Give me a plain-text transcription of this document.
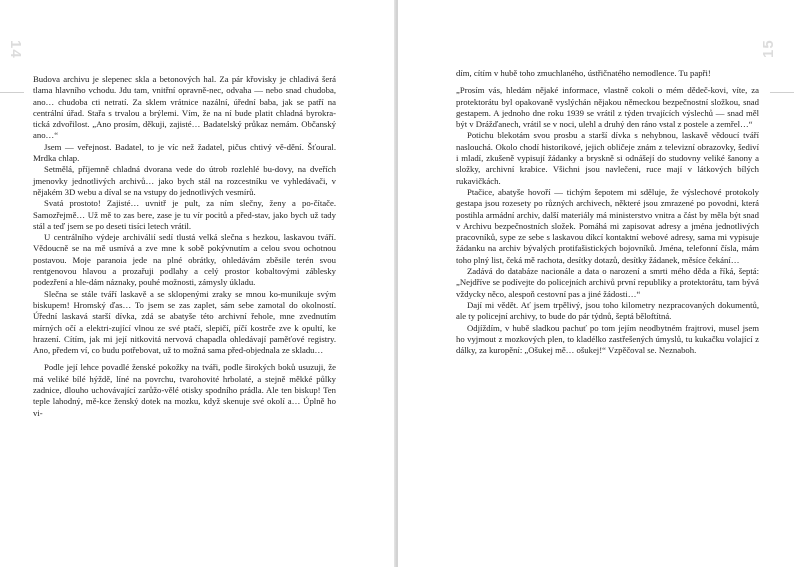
14

Budova archivu je slepenec skla a betonových hal. Za pár křovisky je chladivá šerá tlama hlavního vchodu. Jdu tam, vnitřní opravně-nec, odvaha — nebo snad chudoba, ano… chudoba cti netratí. Za sklem vrátnice nazální, úřední baba, jak se patří na centrální úřad. Stařa s trvalou a brýlemi. Vím, že na ní bude platit chladná byrokra-tická zdvořilost. „Ano prosím, děkuji, zajisté… Badatelský průkaz nemám. Občanský ano…“

Jsem — veřejnost. Badatel, to je víc než žadatel, pičus chtivý vě-dění. Šťoural. Mrdka chlap.

Setmělá, příjemně chladná dvorana vede do útrob rozlehlé bu-dovy, na dveřích jmenovky jednotlivých archivů… jako bych stál na rozcestníku ve vyhledávači, v nějakém 3D webu a díval se na vstupy do jednotlivých vesmírů.

Svatá prostoto! Zajisté… uvnitř je pult, za ním slečny, ženy a po-čítače. Samozřejmě… Už mě to zas bere, zase je tu vír pocitů a před-stav, jako bych už tady stál a teď jsem se po deseti tisíci letech vrátil.

U centrálního výdeje archiválií sedí tlustá velká slečna s hezkou, laskavou tváří. Vědoucně se na mě usmívá a zve mne k sobě pokývnutím a celou svou ochotnou postavou. Moje paranoia jede na plné obrátky, ohledávám zběsile terén svou rentgenovou hlavou a prozařuji podlahy a celý prostor kobaltovými záblesky podezření a hle-dám náznaky, pouhé možnosti, zámysly úkladu.

Slečna se stále tváří laskavě a se sklopenými zraky se mnou ko-munikuje svým biskupem! Hromský ďas… To jsem se zas zaplet, sám sebe zamotal do okolností. Úřední laskavá starší dívka, zdá se abatyše této archivní řehole, mne zvednutím mírných očí a elektri-zující vlnou ze své ptačí, slepičí, píčí kostrče zve k opultí, ke hrazení. Cítím, jak mi její nitkovitá nervová chapadla ohledávají paměťové registry. Ano, předem ví, co budu potřebovat, už to možná sama před-objednala ze skladu…

Podle její lehce povadlé ženské pokožky na tváři, podle širokých boků usuzuji, že má veliké bílé hýždě, líné na povrchu, tvarohovité hrbolaté, a stejně měkké půlky zadnice, dlouho uchovávající zarůžo-vělé otisky spodního prádla. Ale ten biskup! Ten teple lahodný, mě-kce ženský dotek na mozku, když skenuje své okolí a… Úplně ho vi-

15

dím, cítím v hubě toho zmuchlaného, ústřičnatého nemodlence. Tu papři!

„Prosím vás, hledám nějaké informace, vlastně cokoli o mém dědeč-kovi, víte, za protektorátu byl opakovaně vyslýchán nějakou německou bezpečnostní složkou, snad gestapem. A jednoho dne roku 1939 se vrátil z týden trvajících výslechů — snad měl být v Drážďanech, vrátil se v noci, ulehl a druhý den ráno vstal z postele a zemřel…“

Potichu blekotám svou prosbu a starší dívka s nehybnou, laskavě vědoucí tváří naslouchá. Okolo chodí historikové, jejich obličeje znám z televizní obrazovky, šediví i mladí, zkušeně vypisují žádanky a bryskně si odnášejí do studovny veliké šanony a složky, archivní krabice. Všichni jsou navlečeni, ruce mají v látkových bílých rukavičkách.

Ptačice, abatyše hovoří — tichým šepotem mi sděluje, že výslechové protokoly gestapa jsou rozesety po různých archivech, některé jsou zmrazené po povodni, která postihla armádní archiv, další materiály má ministerstvo vnitra a část by měla být snad v Archivu bezpečnostních složek. Pomáhá mi zapisovat adresy a jména jednotlivých pracovníků, sype ze sebe s laskavou díkcí kontaktní webové adresy, sama mi vypisuje žádanku na archiv bývalých protifašistických bojovníků. Jména, telefonní čísla, mám toho plný list, čeká mě rachota, desítky dotazů, desítky žádanek, měsíce čekání…

Zadává do databáze nacionále a data o narození a smrti mého děda a říká, šeptá: „Nejdříve se podívejte do policejních archivů první republiky a protektorátu, tam bývá vždycky něco, alespoň cestovní pas a jiné žádosti…“

Dají mi vědět. Ať jsem trpělivý, jsou toho kilometry nezpracovaných dokumentů, ale ty policejní archivy, to bude do pár týdnů, šeptá běloftítná.

Odjíždím, v hubě sladkou pachuť po tom jejím neodbytném frajtrovi, musel jsem ho vyjmout z mozkových plen, to kladélko zastřešených úmyslů, tu kukačku volající z dálky, za kuropění: „Ošukej mě… ošukej!“ Vzpěčoval se. Neznaboh.
